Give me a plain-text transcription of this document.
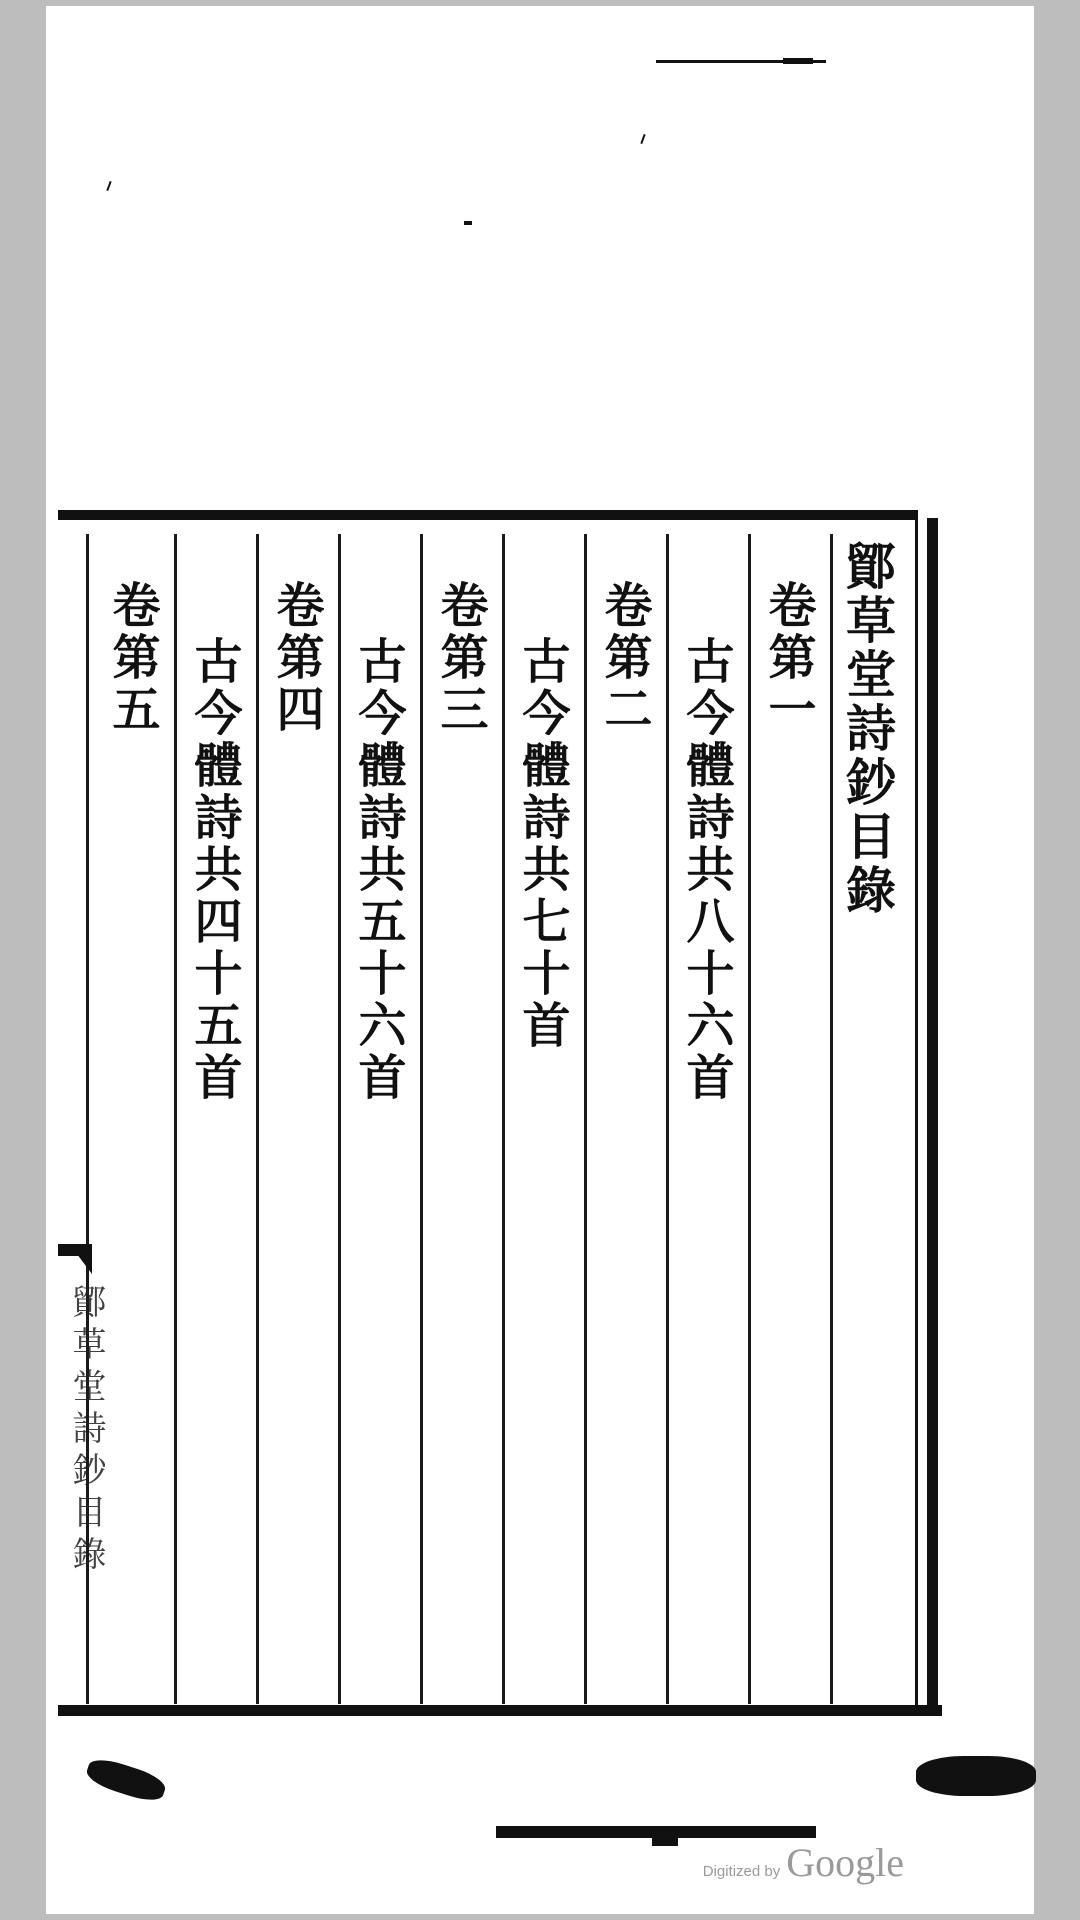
鄮草堂詩鈔目錄
卷第一
古今體詩共八十六首
卷第二
古今體詩共七十首
卷第三
古今體詩共五十六首
卷第四
古今體詩共四十五首
卷第五
鄮草堂詩鈔目錄
Digitized by Google
